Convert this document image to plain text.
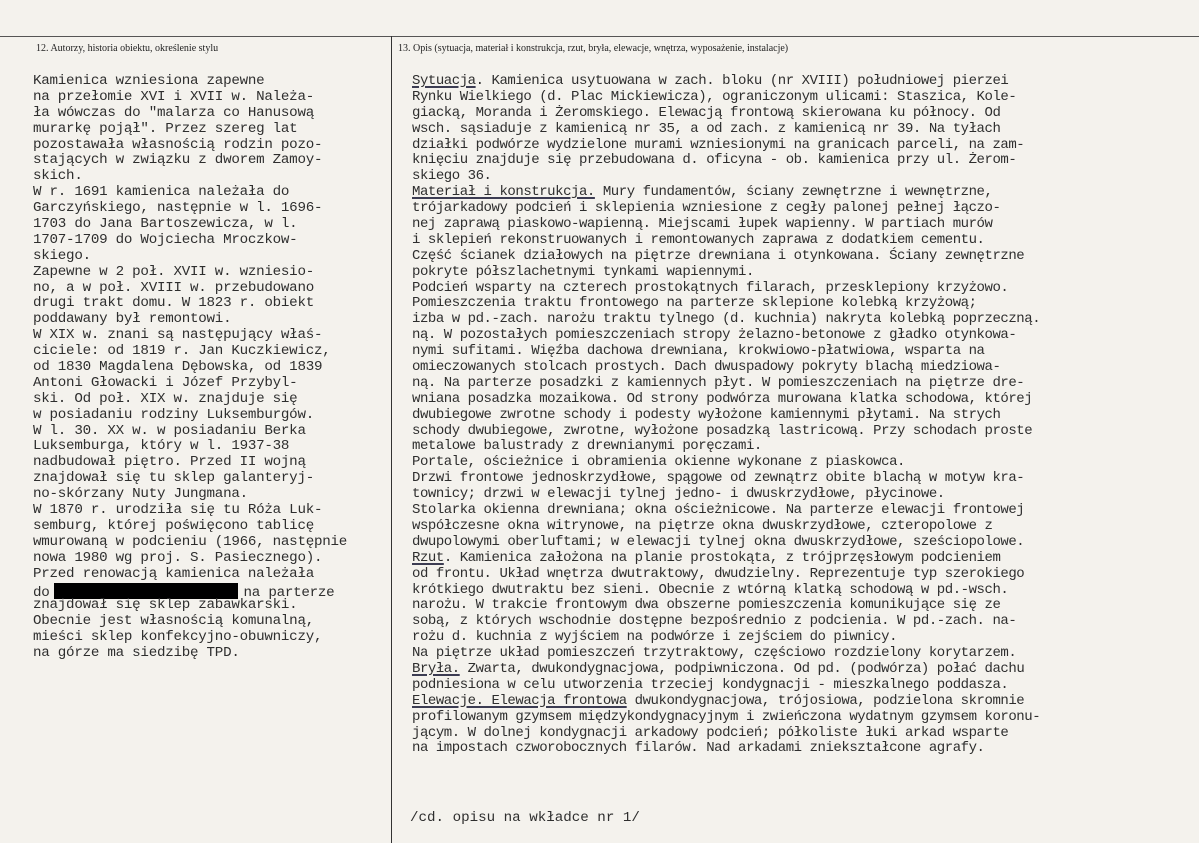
12. Autorzy, historia obiektu, określenie stylu	13. Opis (sytuacja, materiał i konstrukcja, rzut, bryła, elewacje, wnętrza, wyposażenie, instalacje)
Kamienica wzniesiona zapewne
na przełomie XVI i XVII w. Należa-
ła wówczas do "malarza co Hanusową
murarkę pojął". Przez szereg lat
pozostawała własnością rodzin pozo-
stających w związku z dworem Zamoy-
skich.
W r. 1691 kamienica należała do
Garczyńskiego, następnie w l. 1696-
1703 do Jana Bartoszewicza, w l.
1707-1709 do Wojciecha Mroczkow-
skiego.
Zapewne w 2 poł. XVII w. wzniesio-
no, a w poł. XVIII w. przebudowano
drugi trakt domu. W 1823 r. obiekt
poddawany był remontowi.
W XIX w. znani są następujący właś-
ciciele: od 1819 r. Jan Kuczkiewicz,
od 1830 Magdalena Dębowska, od 1839
Antoni Głowacki i Józef Przybyl-
ski. Od poł. XIX w. znajduje się
w posiadaniu rodziny Luksemburgów.
W l. 30. XX w. w posiadaniu Berka
Luksemburga, który w l. 1937-38
nadbudował piętro. Przed II wojną
znajdował się tu sklep galanteryj-
no-skórzany Nuty Jungmana.
W 1870 r. urodziła się tu Róża Luk-
semburg, której poświęcono tablicę
wmurowaną w podcieniu (1966, następnie
nowa 1980 wg proj. S. Pasiecznego).
Przed renowacją kamienica należała
do	na parterze
znajdował się sklep zabawkarski.
Obecnie jest własnością komunalną,
mieści sklep konfekcyjno-obuwniczy,
na górze ma siedzibę TPD.
Sytuacja. Kamienica usytuowana w zach. bloku (nr XVIII) południowej pierzei
Rynku Wielkiego (d. Plac Mickiewicza), ograniczonym ulicami: Staszica, Kole-
giacką, Moranda i Żeromskiego. Elewacją frontową skierowana ku północy. Od
wsch. sąsiaduje z kamienicą nr 35, a od zach. z kamienicą nr 39. Na tyłach
działki podwórze wydzielone murami wzniesionymi na granicach parceli, na zam-
knięciu znajduje się przebudowana d. oficyna - ob. kamienica przy ul. Żerom-
skiego 36.
Materiał i konstrukcja. Mury fundamentów, ściany zewnętrzne i wewnętrzne,
trójarkadowy podcień i sklepienia wzniesione z cegły palonej pełnej łączo-
nej zaprawą piaskowo-wapienną. Miejscami łupek wapienny. W partiach murów
i sklepień rekonstruowanych i remontowanych zaprawa z dodatkiem cementu.
Część ścianek działowych na piętrze drewniana i otynkowana. Ściany zewnętrzne
pokryte półszlachetnymi tynkami wapiennymi.
Podcień wsparty na czterech prostokątnych filarach, przesklepiony krzyżowo.
Pomieszczenia traktu frontowego na parterze sklepione kolebką krzyżową;
izba w pd.-zach. narożu traktu tylnego (d. kuchnia) nakryta kolebką poprzeczną.
ną. W pozostałych pomieszczeniach stropy żelazno-betonowe z gładko otynkowa-
nymi sufitami. Więźba dachowa drewniana, krokwiowo-płatwiowa, wsparta na
omieczowanych stolcach prostych. Dach dwuspadowy pokryty blachą miedziowa-
ną. Na parterze posadzki z kamiennych płyt. W pomieszczeniach na piętrze dre-
wniana posadzka mozaikowa. Od strony podwórza murowana klatka schodowa, której
dwubiegowe zwrotne schody i podesty wyłożone kamiennymi płytami. Na strych
schody dwubiegowe, zwrotne, wyłożone posadzką lastricową. Przy schodach proste
metalowe balustrady z drewnianymi poręczami.
Portale, ościeżnice i obramienia okienne wykonane z piaskowca.
Drzwi frontowe jednoskrzydłowe, spągowe od zewnątrz obite blachą w motyw kra-
townicy; drzwi w elewacji tylnej jedno- i dwuskrzydłowe, płycinowe.
Stolarka okienna drewniana; okna ościeżnicowe. Na parterze elewacji frontowej
współczesne okna witrynowe, na piętrze okna dwuskrzydłowe, czteropolowe z
dwupolowymi oberluftami; w elewacji tylnej okna dwuskrzydłowe, sześciopolowe.
Rzut. Kamienica założona na planie prostokąta, z trójprzęsłowym podcieniem
od frontu. Układ wnętrza dwutraktowy, dwudzielny. Reprezentuje typ szerokiego
krótkiego dwutraktu bez sieni. Obecnie z wtórną klatką schodową w pd.-wsch.
narożu. W trakcie frontowym dwa obszerne pomieszczenia komunikujące się ze
sobą, z których wschodnie dostępne bezpośrednio z podcienia. W pd.-zach. na-
rożu d. kuchnia z wyjściem na podwórze i zejściem do piwnicy.
Na piętrze układ pomieszczeń trzytraktowy, częściowo rozdzielony korytarzem.
Bryła. Zwarta, dwukondygnacjowa, podpiwniczona. Od pd. (podwórza) połać dachu
podniesiona w celu utworzenia trzeciej kondygnacji - mieszkalnego poddasza.
Elewacje. Elewacja frontowa dwukondygnacjowa, trójosiowa, podzielona skromnie
profilowanym gzymsem międzykondygnacyjnym i zwieńczona wydatnym gzymsem koronu-
jącym. W dolnej kondygnacji arkadowy podcień; półkoliste łuki arkad wsparte
na impostach czworobocznych filarów. Nad arkadami zniekształcone agrafy.
/cd. opisu na wkładce nr 1/
